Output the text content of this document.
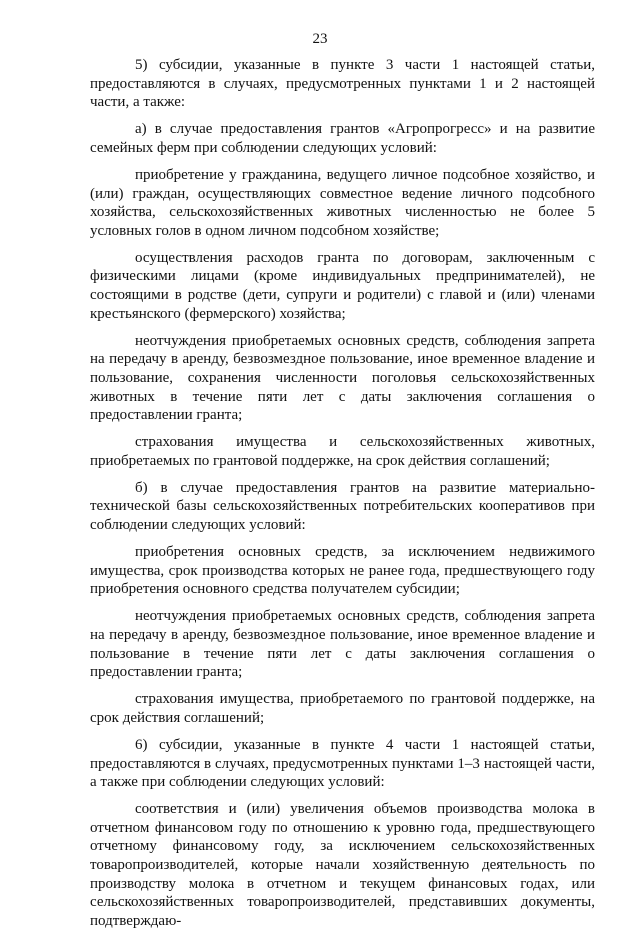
23

5) субсидии, указанные в пункте 3 части 1 настоящей статьи, предоставляются в случаях, предусмотренных пунктами 1 и 2 настоящей части, а также:

а) в случае предоставления грантов «Агропрогресс» и на развитие семейных ферм при соблюдении следующих условий:

приобретение у гражданина, ведущего личное подсобное хозяйство, и (или) граждан, осуществляющих совместное ведение личного подсобного хозяйства, сельскохозяйственных животных численностью не более 5 условных голов в одном личном подсобном хозяйстве;

осуществления расходов гранта по договорам, заключенным с физическими лицами (кроме индивидуальных предпринимателей), не состоящими в родстве (дети, супруги и родители) с главой и (или) членами крестьянского (фермерского) хозяйства;

неотчуждения приобретаемых основных средств, соблюдения запрета на передачу в аренду, безвозмездное пользование, иное временное владение и пользование, сохранения численности поголовья сельскохозяйственных животных в течение пяти лет с даты заключения соглашения о предоставлении гранта;

страхования имущества и сельскохозяйственных животных, приобретаемых по грантовой поддержке, на срок действия соглашений;

б) в случае предоставления грантов на развитие материально-технической базы сельскохозяйственных потребительских кооперативов при соблюдении следующих условий:

приобретения основных средств, за исключением недвижимого имущества, срок производства которых не ранее года, предшествующего году приобретения основного средства получателем субсидии;

неотчуждения приобретаемых основных средств, соблюдения запрета на передачу в аренду, безвозмездное пользование, иное временное владение и пользование в течение пяти лет с даты заключения соглашения о предоставлении гранта;

страхования имущества, приобретаемого по грантовой поддержке, на срок действия соглашений;

6) субсидии, указанные в пункте 4 части 1 настоящей статьи, предоставляются в случаях, предусмотренных пунктами 1–3 настоящей части, а также при соблюдении следующих условий:

соответствия и (или) увеличения объемов производства молока в отчетном финансовом году по отношению к уровню года, предшествующего отчетному финансовому году, за исключением сельскохозяйственных товаропроизводителей, которые начали хозяйственную деятельность по производству молока в отчетном и текущем финансовых годах, или сельскохозяйственных товаропроизводителей, представивших документы, подтверждаю-
